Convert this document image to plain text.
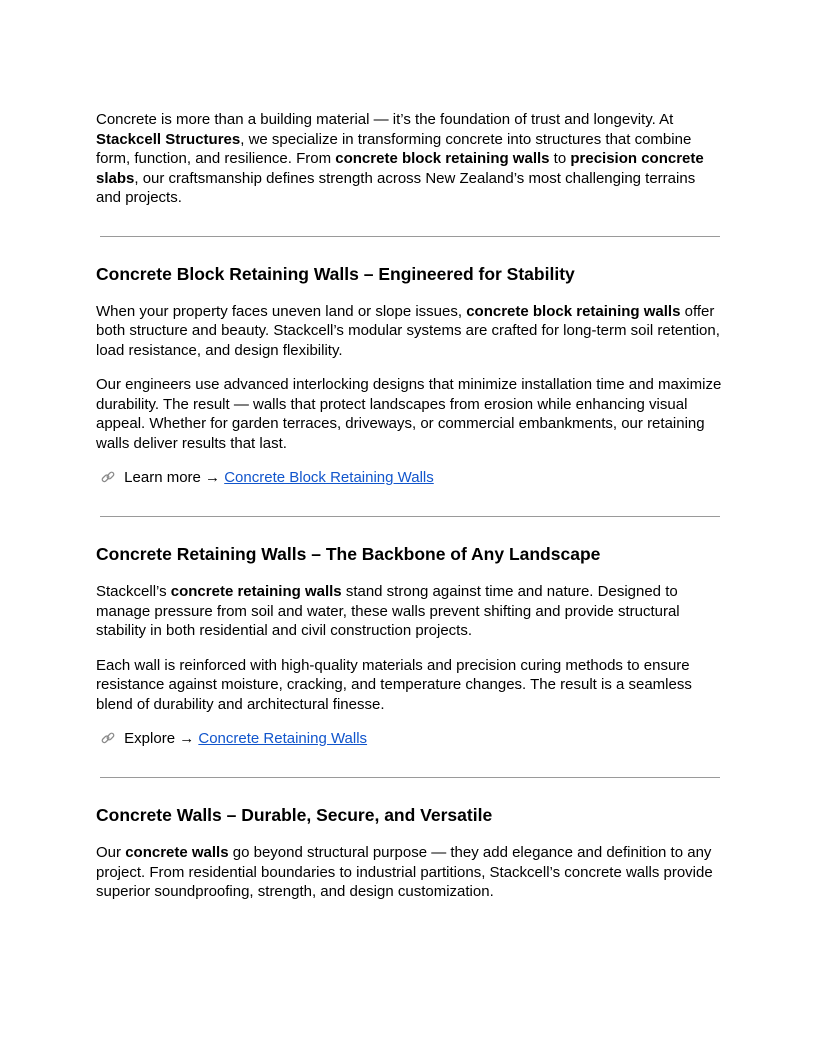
Concrete is more than a building material — it’s the foundation of trust and longevity. At Stackcell Structures, we specialize in transforming concrete into structures that combine form, function, and resilience. From concrete block retaining walls to precision concrete slabs, our craftsmanship defines strength across New Zealand’s most challenging terrains and projects.

Concrete Block Retaining Walls – Engineered for Stability

When your property faces uneven land or slope issues, concrete block retaining walls offer both structure and beauty. Stackcell’s modular systems are crafted for long-term soil retention, load resistance, and design flexibility.

Our engineers use advanced interlocking designs that minimize installation time and maximize durability. The result — walls that protect landscapes from erosion while enhancing visual appeal. Whether for garden terraces, driveways, or commercial embankments, our retaining walls deliver results that last.

Learn more → Concrete Block Retaining Walls
Concrete Retaining Walls – The Backbone of Any Landscape

Stackcell’s concrete retaining walls stand strong against time and nature. Designed to manage pressure from soil and water, these walls prevent shifting and provide structural stability in both residential and civil construction projects.

Each wall is reinforced with high-quality materials and precision curing methods to ensure resistance against moisture, cracking, and temperature changes. The result is a seamless blend of durability and architectural finesse.

Explore → Concrete Retaining Walls
Concrete Walls – Durable, Secure, and Versatile

Our concrete walls go beyond structural purpose — they add elegance and definition to any project. From residential boundaries to industrial partitions, Stackcell’s concrete walls provide superior soundproofing, strength, and design customization.
